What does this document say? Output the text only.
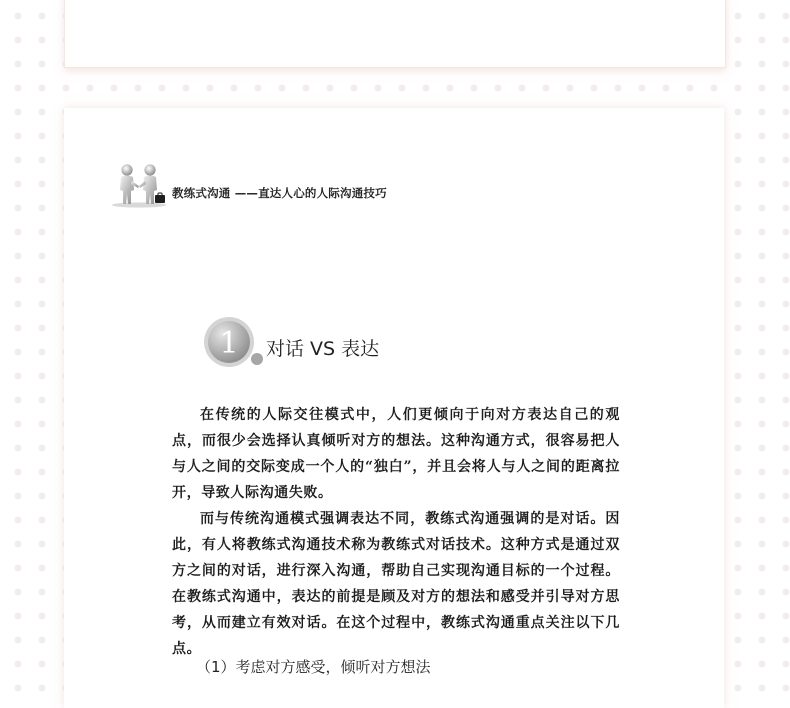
教练式沟通 ——直达人心的人际沟通技巧
1 对话 VS 表达

在传统的人际交往模式中，人们更倾向于向对方表达自己的观点，而很少会选择认真倾听对方的想法。这种沟通方式，很容易把人与人之间的交际变成一个人的“独白”，并且会将人与人之间的距离拉开，导致人际沟通失败。

而与传统沟通模式强调表达不同，教练式沟通强调的是对话。因此，有人将教练式沟通技术称为教练式对话技术。这种方式是通过双方之间的对话，进行深入沟通，帮助自己实现沟通目标的一个过程。在教练式沟通中，表达的前提是顾及对方的想法和感受并引导对方思考，从而建立有效对话。在这个过程中，教练式沟通重点关注以下几点。

（1）考虑对方感受，倾听对方想法
